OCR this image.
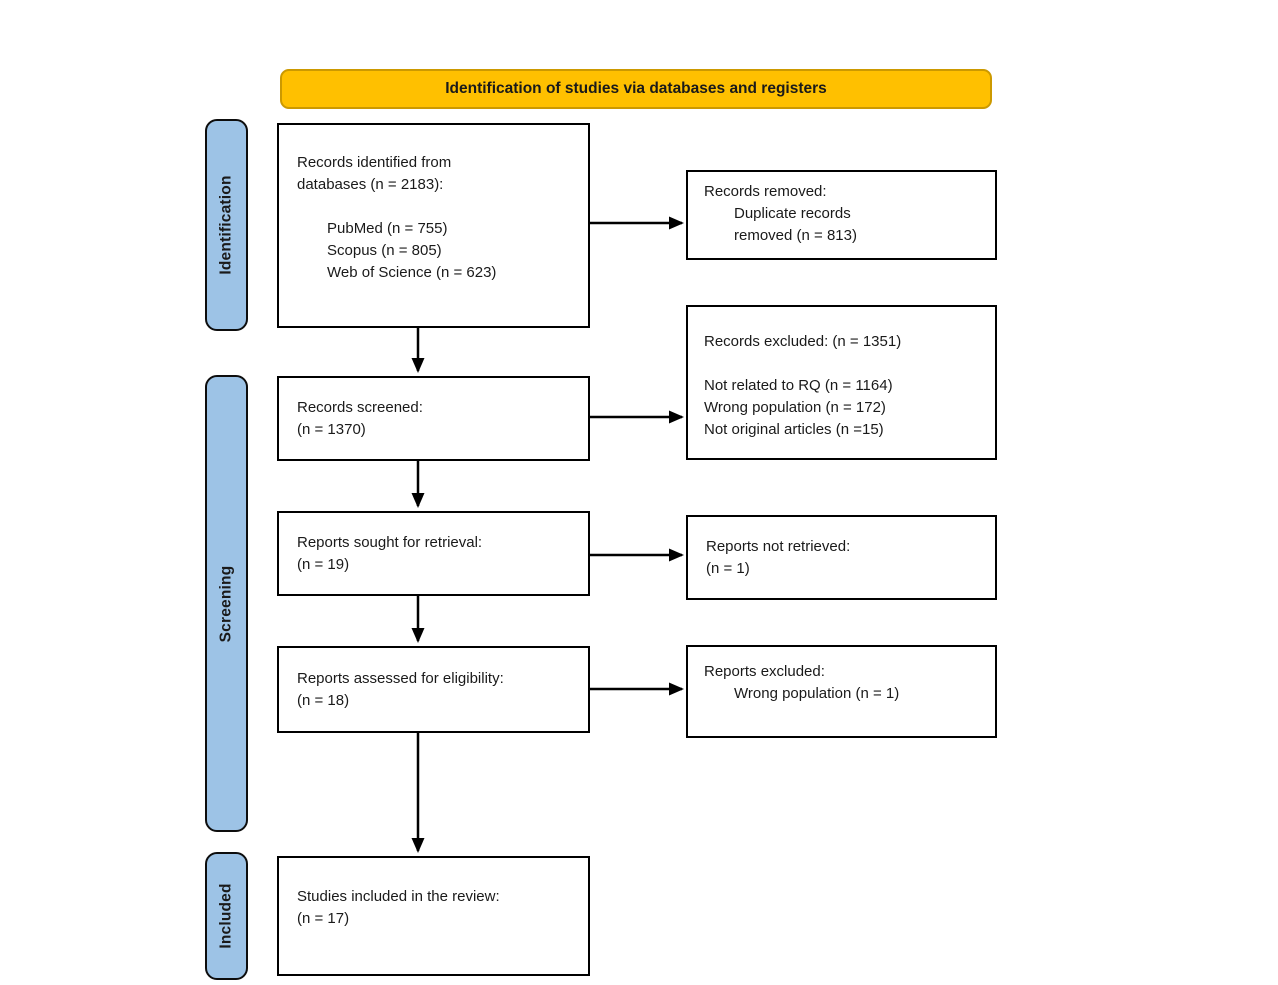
Identification of studies via databases and registers
Identification
Screening
Included
Records identified from
databases (n = 2183):
PubMed (n = 755)
Scopus (n = 805)
Web of Science (n = 623)
Records screened:
(n = 1370)
Reports sought for retrieval:
(n = 19)
Reports assessed for eligibility:
(n = 18)
Studies included in the review:
(n = 17)
Records removed:
Duplicate records
removed (n = 813)
Records excluded: (n = 1351)
Not related to RQ (n = 1164)
Wrong population (n = 172)
Not original articles (n =15)
Reports not retrieved:
(n = 1)
Reports excluded:
Wrong population (n = 1)
